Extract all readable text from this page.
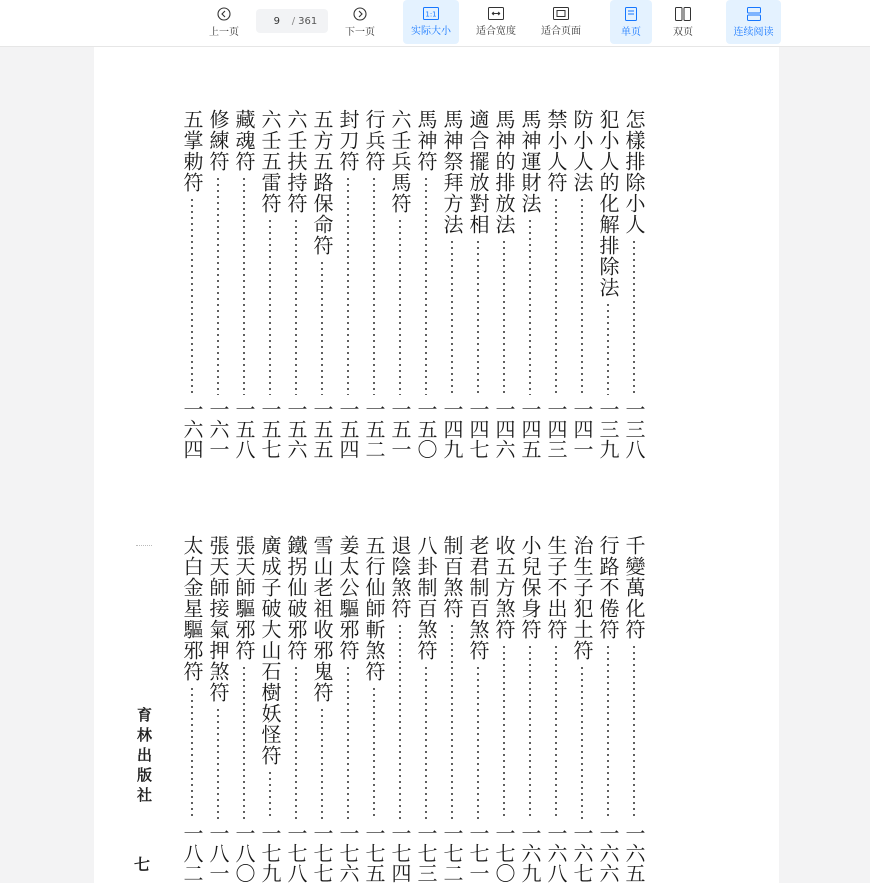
上一页
9	/ 361
下一页
1:1
实际大小	适合宽度	适合页面	单页	双页	连续阅读
怎樣排除小人
一三八
犯小人的化解排除法
一三九
防小人法
一四一
禁小人符
一四三
馬神運財法
一四五
馬神的排放法
一四六
適合擺放對相
一四七
馬神祭拜方法
一四九
馬神符
一五〇
六壬兵馬符
一五一
行兵符
一五二
封刀符
一五四
五方五路保命符
一五五
六壬扶持符
一五六
六壬五雷符
一五七
藏魂符
一五八
修練符
一六一
五掌勅符
一六四
千變萬化符
一六五
行路不倦符
一六六
治生子犯土符
一六七
生子不出符
一六八
小兒保身符
一六九
收五方煞符
一七〇
老君制百煞符
一七一
制百煞符
一七二
八卦制百煞符
一七三
退陰煞符
一七四
五行仙師斬煞符
一七五
姜太公驅邪符
一七六
雪山老祖收邪鬼符
一七七
鐵拐仙破邪符
一七八
廣成子破大山石樹妖怪符
一七九
張天師驅邪符
一八〇
張天師接氣押煞符
一八一
太白金星驅邪符
一八二
育林出版社
七
